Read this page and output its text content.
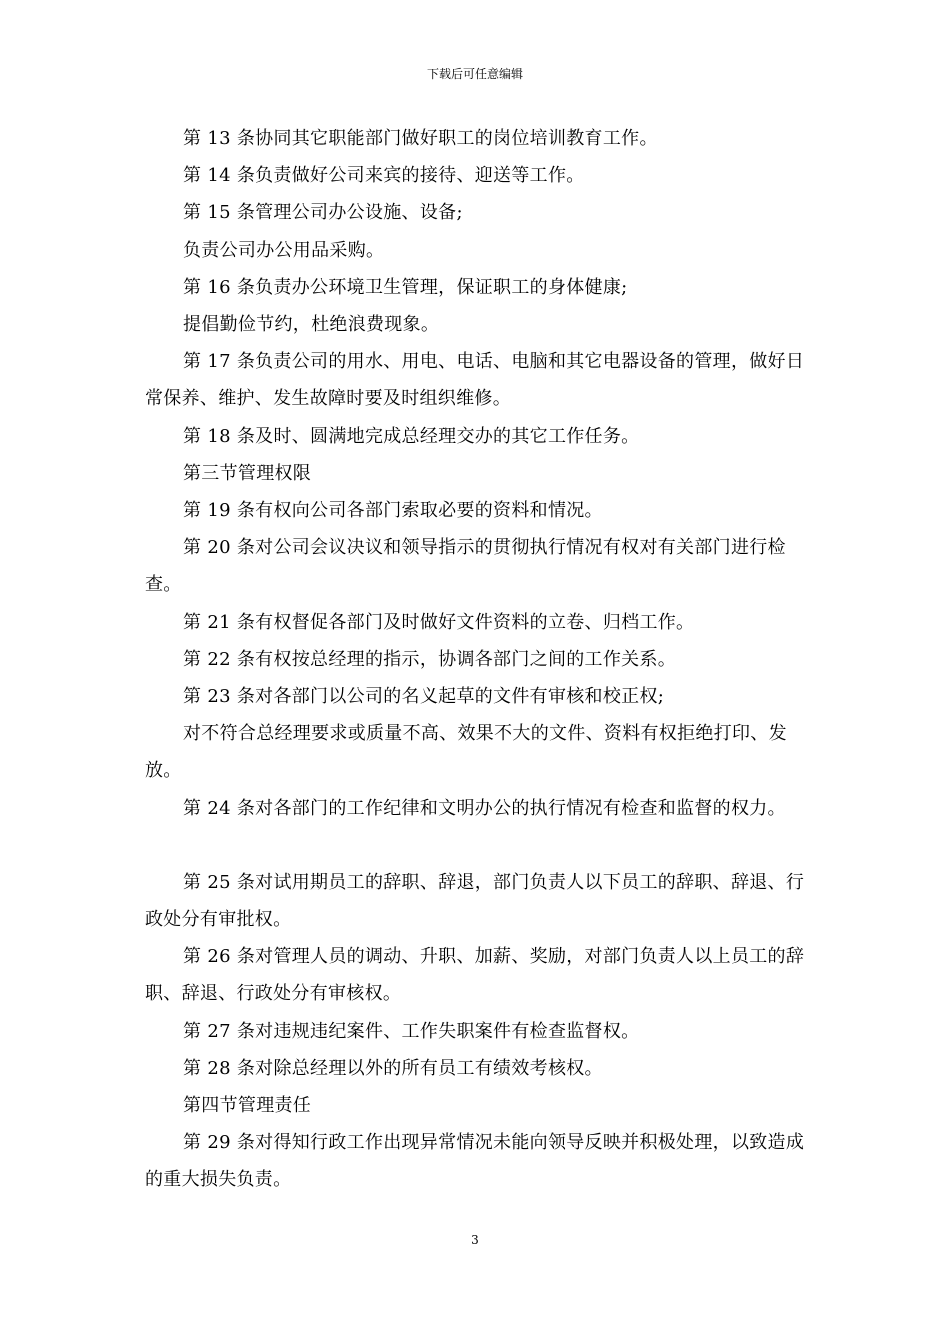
下载后可任意编辑

第 13 条协同其它职能部门做好职工的岗位培训教育工作。

第 14 条负责做好公司来宾的接待、迎送等工作。

第 15 条管理公司办公设施、设备;

负责公司办公用品采购。

第 16 条负责办公环境卫生管理，保证职工的身体健康;

提倡勤俭节约，杜绝浪费现象。

第 17 条负责公司的用水、用电、电话、电脑和其它电器设备的管理，做好日常保养、维护、发生故障时要及时组织维修。

第 18 条及时、圆满地完成总经理交办的其它工作任务。

第三节管理权限

第 19 条有权向公司各部门索取必要的资料和情况。

第 20 条对公司会议决议和领导指示的贯彻执行情况有权对有关部门进行检查。

第 21 条有权督促各部门及时做好文件资料的立卷、归档工作。

第 22 条有权按总经理的指示，协调各部门之间的工作关系。

第 23 条对各部门以公司的名义起草的文件有审核和校正权;

对不符合总经理要求或质量不高、效果不大的文件、资料有权拒绝打印、发放。

第 24 条对各部门的工作纪律和文明办公的执行情况有检查和监督的权力。

第 25 条对试用期员工的辞职、辞退，部门负责人以下员工的辞职、辞退、行政处分有审批权。

第 26 条对管理人员的调动、升职、加薪、奖励，对部门负责人以上员工的辞职、辞退、行政处分有审核权。

第 27 条对违规违纪案件、工作失职案件有检查监督权。

第 28 条对除总经理以外的所有员工有绩效考核权。

第四节管理责任

第 29 条对得知行政工作出现异常情况未能向领导反映并积极处理，以致造成的重大损失负责。

3
